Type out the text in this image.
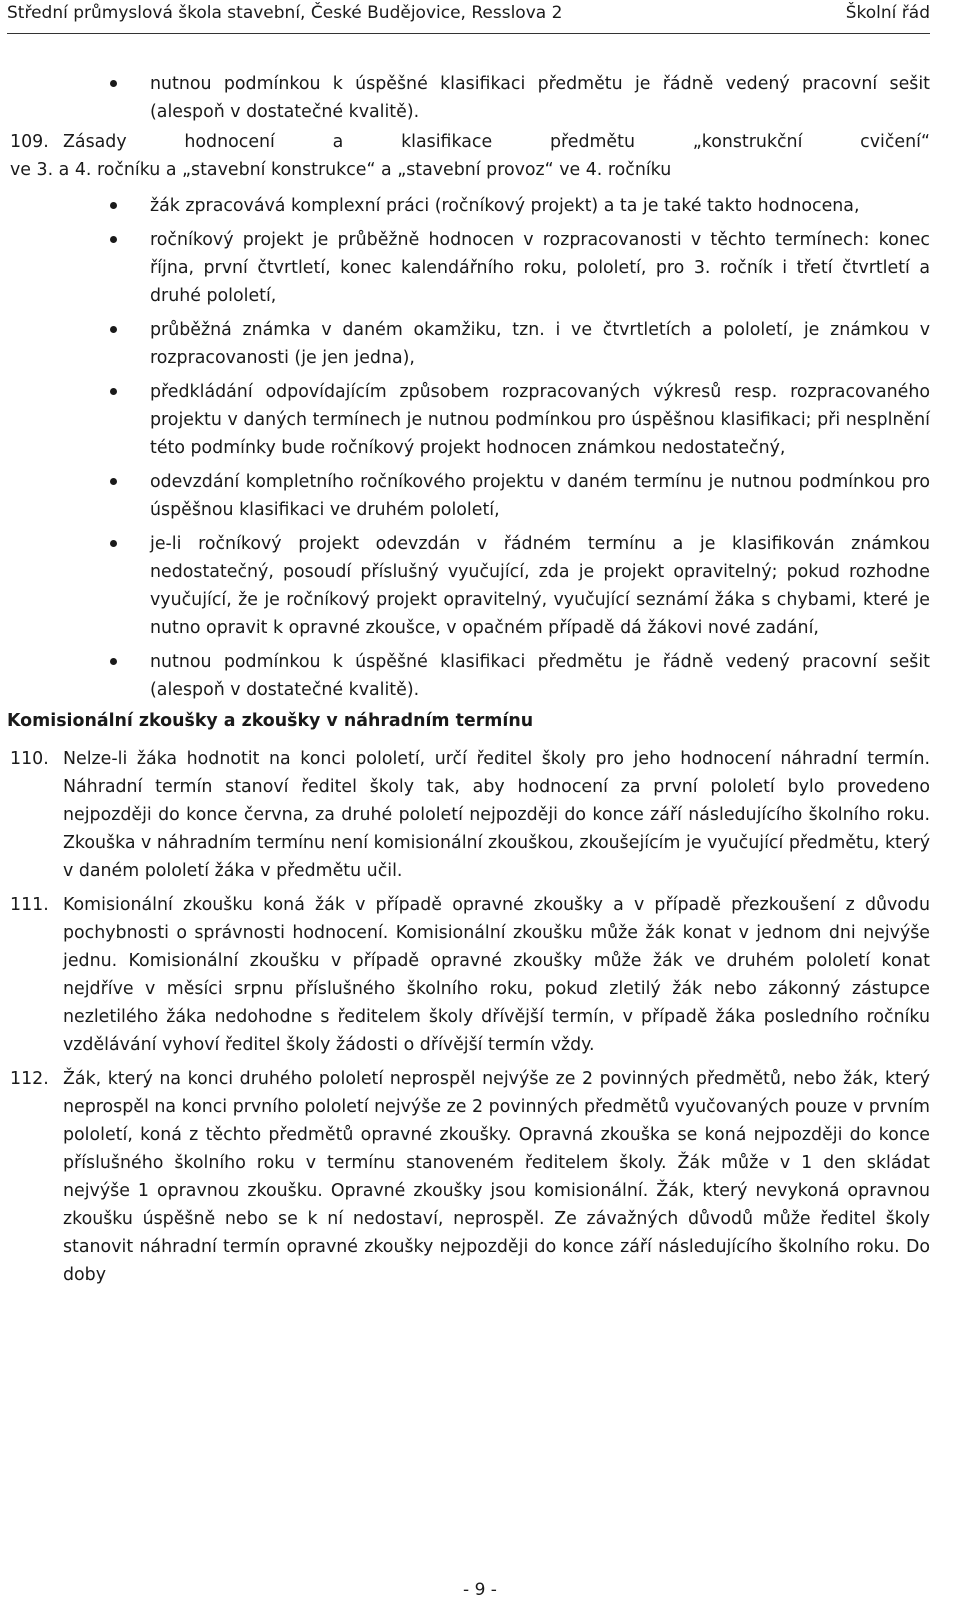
Střední průmyslová škola stavební, České Budějovice, Resslova 2	Školní řád
nutnou podmínkou k úspěšné klasifikaci předmětu je řádně vedený pracovní sešit (alespoň v dostatečné kvalitě).
109. Zásady hodnocení a klasifikace předmětu „konstrukční cvičení“
ve 3. a 4. ročníku a „stavební konstrukce“ a „stavební provoz“ ve 4. ročníku
žák zpracovává komplexní práci (ročníkový projekt) a ta je také takto hodnocena,
ročníkový projekt je průběžně hodnocen v rozpracovanosti v těchto termínech: konec října, první čtvrtletí, konec kalendářního roku, pololetí, pro 3. ročník i třetí čtvrtletí a druhé pololetí,
průběžná známka v daném okamžiku, tzn. i ve čtvrtletích a pololetí, je známkou v rozpracovanosti (je jen jedna),
předkládání odpovídajícím způsobem rozpracovaných výkresů resp. rozpracovaného projektu v daných termínech je nutnou podmínkou pro úspěšnou klasifikaci; při nesplnění této podmínky bude ročníkový projekt hodnocen známkou nedostatečný,
odevzdání kompletního ročníkového projektu v daném termínu je nutnou podmínkou pro úspěšnou klasifikaci ve druhém pololetí,
je-li ročníkový projekt odevzdán v řádném termínu a je klasifikován známkou nedostatečný, posoudí příslušný vyučující, zda je projekt opravitelný; pokud rozhodne vyučující, že je ročníkový projekt opravitelný, vyučující seznámí žáka s chybami, které je nutno opravit k opravné zkoušce, v opačném případě dá žákovi nové zadání,
nutnou podmínkou k úspěšné klasifikaci předmětu je řádně vedený pracovní sešit (alespoň v dostatečné kvalitě).
Komisionální zkoušky a zkoušky v náhradním termínu
110. Nelze-li žáka hodnotit na konci pololetí, určí ředitel školy pro jeho hodnocení náhradní termín. Náhradní termín stanoví ředitel školy tak, aby hodnocení za první pololetí bylo provedeno nejpozději do konce června, za druhé pololetí nejpozději do konce září následujícího školního roku. Zkouška v náhradním termínu není komisionální zkouškou, zkoušejícím je vyučující předmětu, který v daném pololetí žáka v předmětu učil.
111. Komisionální zkoušku koná žák v případě opravné zkoušky a v případě přezkoušení z důvodu pochybnosti o správnosti hodnocení. Komisionální zkoušku může žák konat v jednom dni nejvýše jednu. Komisionální zkoušku v případě opravné zkoušky může žák ve druhém pololetí konat nejdříve v měsíci srpnu příslušného školního roku, pokud zletilý žák nebo zákonný zástupce nezletilého žáka nedohodne s ředitelem školy dřívější termín, v případě žáka posledního ročníku vzdělávání vyhoví ředitel školy žádosti o dřívější termín vždy.
112. Žák, který na konci druhého pololetí neprospěl nejvýše ze 2 povinných předmětů, nebo žák, který neprospěl na konci prvního pololetí nejvýše ze 2 povinných předmětů vyučovaných pouze v prvním pololetí, koná z těchto předmětů opravné zkoušky. Opravná zkouška se koná nejpozději do konce příslušného školního roku v termínu stanoveném ředitelem školy. Žák může v 1 den skládat nejvýše 1 opravnou zkoušku. Opravné zkoušky jsou komisionální. Žák, který nevykoná opravnou zkoušku úspěšně nebo se k ní nedostaví, neprospěl. Ze závažných důvodů může ředitel školy stanovit náhradní termín opravné zkoušky nejpozději do konce září následujícího školního roku. Do doby
- 9 -
